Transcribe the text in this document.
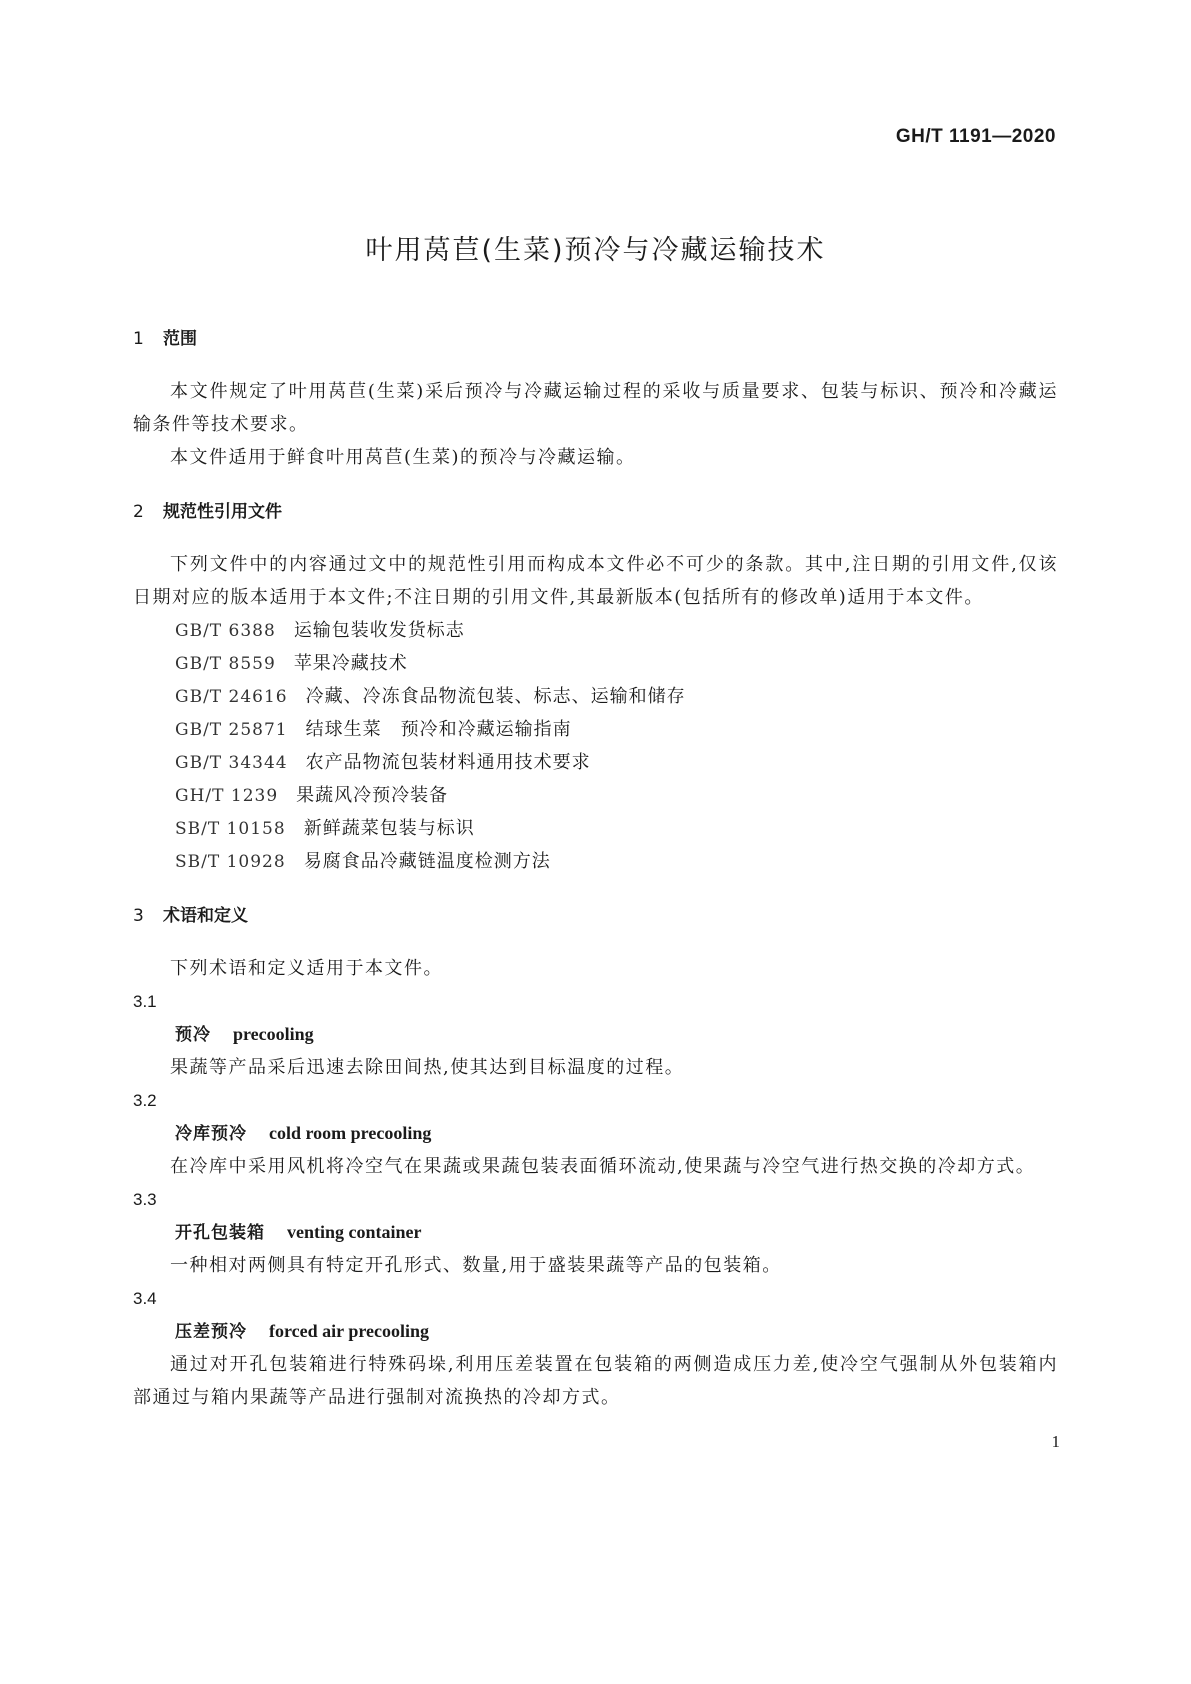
GH/T 1191—2020
叶用莴苣(生菜)预冷与冷藏运输技术
1	范围

本文件规定了叶用莴苣(生菜)采后预冷与冷藏运输过程的采收与质量要求、包装与标识、预冷和冷藏运输条件等技术要求。

本文件适用于鲜食叶用莴苣(生菜)的预冷与冷藏运输。

2	规范性引用文件

下列文件中的内容通过文中的规范性引用而构成本文件必不可少的条款。其中,注日期的引用文件,仅该日期对应的版本适用于本文件;不注日期的引用文件,其最新版本(包括所有的修改单)适用于本文件。

GB/T 6388 运输包装收发货标志
GB/T 8559 苹果冷藏技术
GB/T 24616 冷藏、冷冻食品物流包装、标志、运输和储存
GB/T 25871 结球生菜　预冷和冷藏运输指南
GB/T 34344 农产品物流包装材料通用技术要求
GH/T 1239 果蔬风冷预冷装备
SB/T 10158 新鲜蔬菜包装与标识
SB/T 10928 易腐食品冷藏链温度检测方法
3	术语和定义

下列术语和定义适用于本文件。

3.1
预冷 precooling

果蔬等产品采后迅速去除田间热,使其达到目标温度的过程。

3.2
冷库预冷 cold room precooling

在冷库中采用风机将冷空气在果蔬或果蔬包装表面循环流动,使果蔬与冷空气进行热交换的冷却方式。

3.3
开孔包装箱 venting container

一种相对两侧具有特定开孔形式、数量,用于盛装果蔬等产品的包装箱。

3.4
压差预冷 forced air precooling

通过对开孔包装箱进行特殊码垛,利用压差装置在包装箱的两侧造成压力差,使冷空气强制从外包装箱内部通过与箱内果蔬等产品进行强制对流换热的冷却方式。

1
